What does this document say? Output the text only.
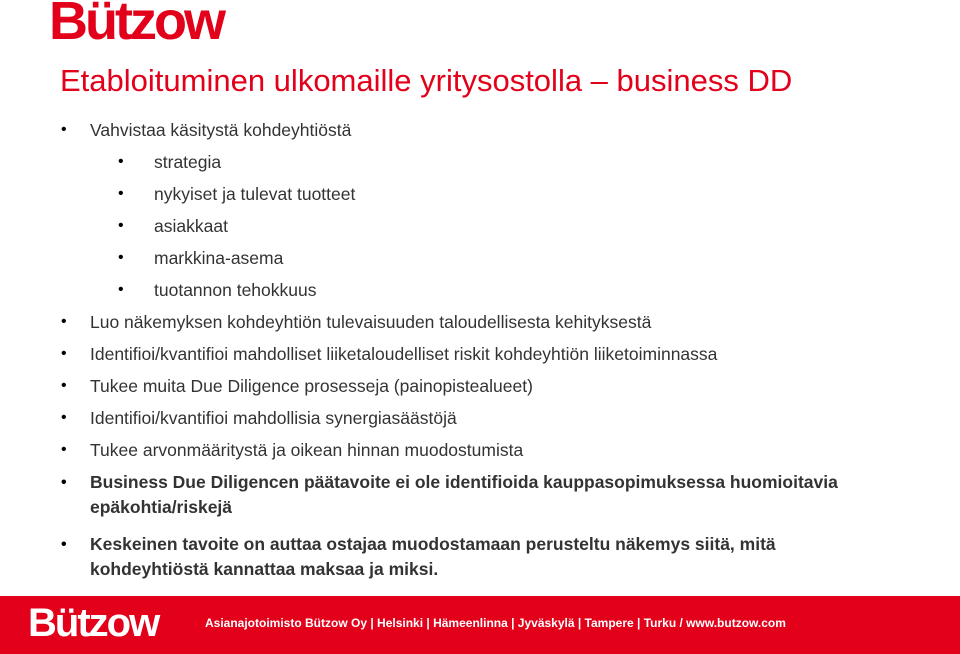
Bützow
Etabloituminen ulkomaille yritysostolla – business DD
• Vahvistaa käsitystä kohdeyhtiöstä
• strategia
• nykyiset ja tulevat tuotteet
• asiakkaat
• markkina-asema
• tuotannon tehokkuus
• Luo näkemyksen kohdeyhtiön tulevaisuuden taloudellisesta kehityksestä
• Identifioi/kvantifioi mahdolliset liiketaloudelliset riskit kohdeyhtiön liiketoiminnassa
• Tukee muita Due Diligence prosesseja (painopistealueet)
• Identifioi/kvantifioi mahdollisia synergiasäästöjä
• Tukee arvonmääritystä ja oikean hinnan muodostumista
• Business Due Diligencen päätavoite ei ole identifioida kauppasopimuksessa huomioitavia epäkohtia/riskejä
• Keskeinen tavoite on auttaa ostajaa muodostamaan perusteltu näkemys siitä, mitä kohdeyhtiöstä kannattaa maksaa ja miksi.
Bützow	Asianajotoimisto Bützow Oy | Helsinki | Hämeenlinna | Jyväskylä | Tampere | Turku / www.butzow.com
